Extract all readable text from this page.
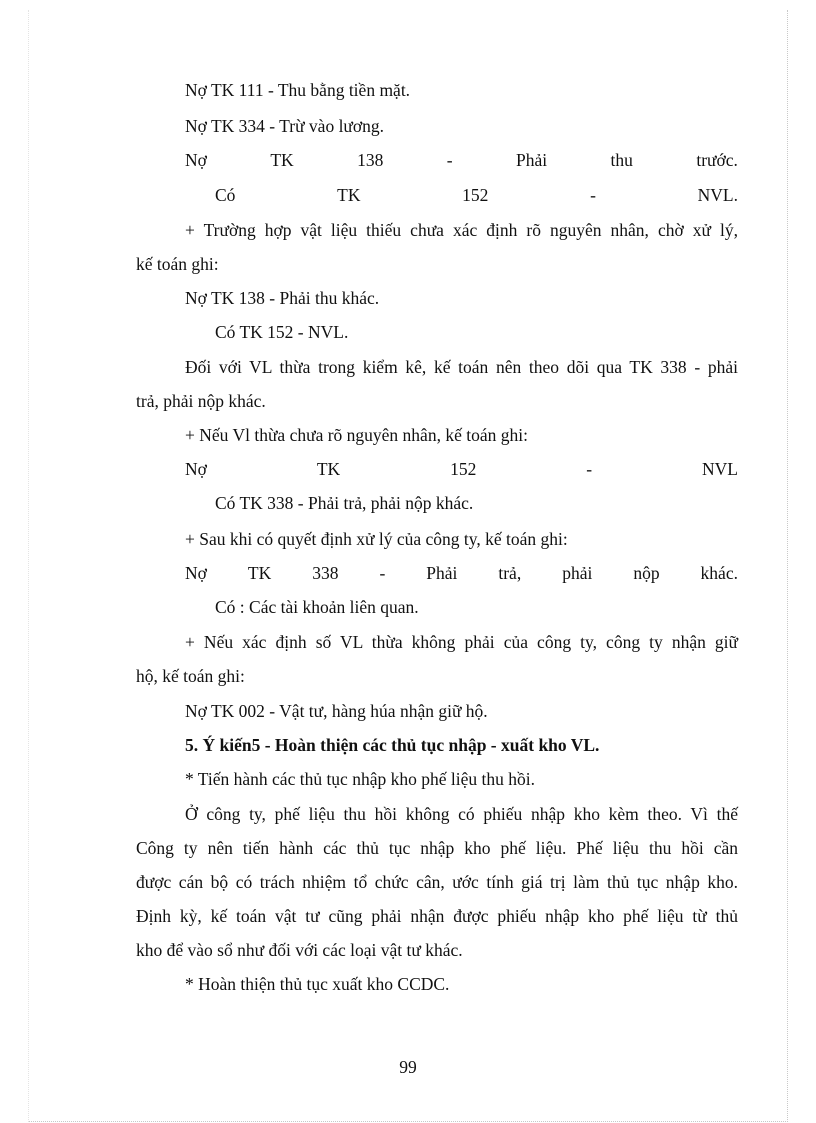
Nợ TK 111 - Thu bằng tiền mặt.
Nợ TK 334 - Trừ vào lương.
Nợ	TK	138	-	Phải	thu	trước.
Có	TK	152	-	NVL.
+ Trường hợp vật liệu thiếu chưa xác định rõ nguyên nhân, chờ xử lý,
kế toán ghi:
Nợ TK 138 - Phải thu khác.
Có TK 152 - NVL.
Đối với VL thừa trong kiểm kê, kế toán nên theo dõi qua TK 338 - phải
trả, phải nộp khác.
+ Nếu Vl thừa chưa rõ nguyên nhân, kế toán ghi:
Nợ	TK	152	-	NVL
Có TK 338 - Phải trả, phải nộp khác.
+ Sau khi có quyết định xử lý của công ty, kế toán ghi:
Nợ TK 338 - Phải trả, phải nộp khác.
Có : Các tài khoản liên quan.
+ Nếu xác định số VL thừa không phải của công ty, công ty nhận giữ
hộ, kế toán ghi:
Nợ TK 002 - Vật tư, hàng húa nhận giữ hộ.
5. Ý kiến5 - Hoàn thiện các thủ tục nhập - xuất kho VL.
* Tiến hành các thủ tục nhập kho phế liệu thu hồi.
Ở công ty, phế liệu thu hồi không có phiếu nhập kho kèm theo. Vì thế
Công ty nên tiến hành các thủ tục nhập kho phế liệu. Phế liệu thu hồi cần
được cán bộ có trách nhiệm tổ chức cân, ước tính giá trị làm thủ tục nhập kho.
Định kỳ, kế toán vật tư cũng phải nhận được phiếu nhập kho phế liệu từ thủ
kho để vào sổ như đối với các loại vật tư khác.
* Hoàn thiện thủ tục xuất kho CCDC.
99
